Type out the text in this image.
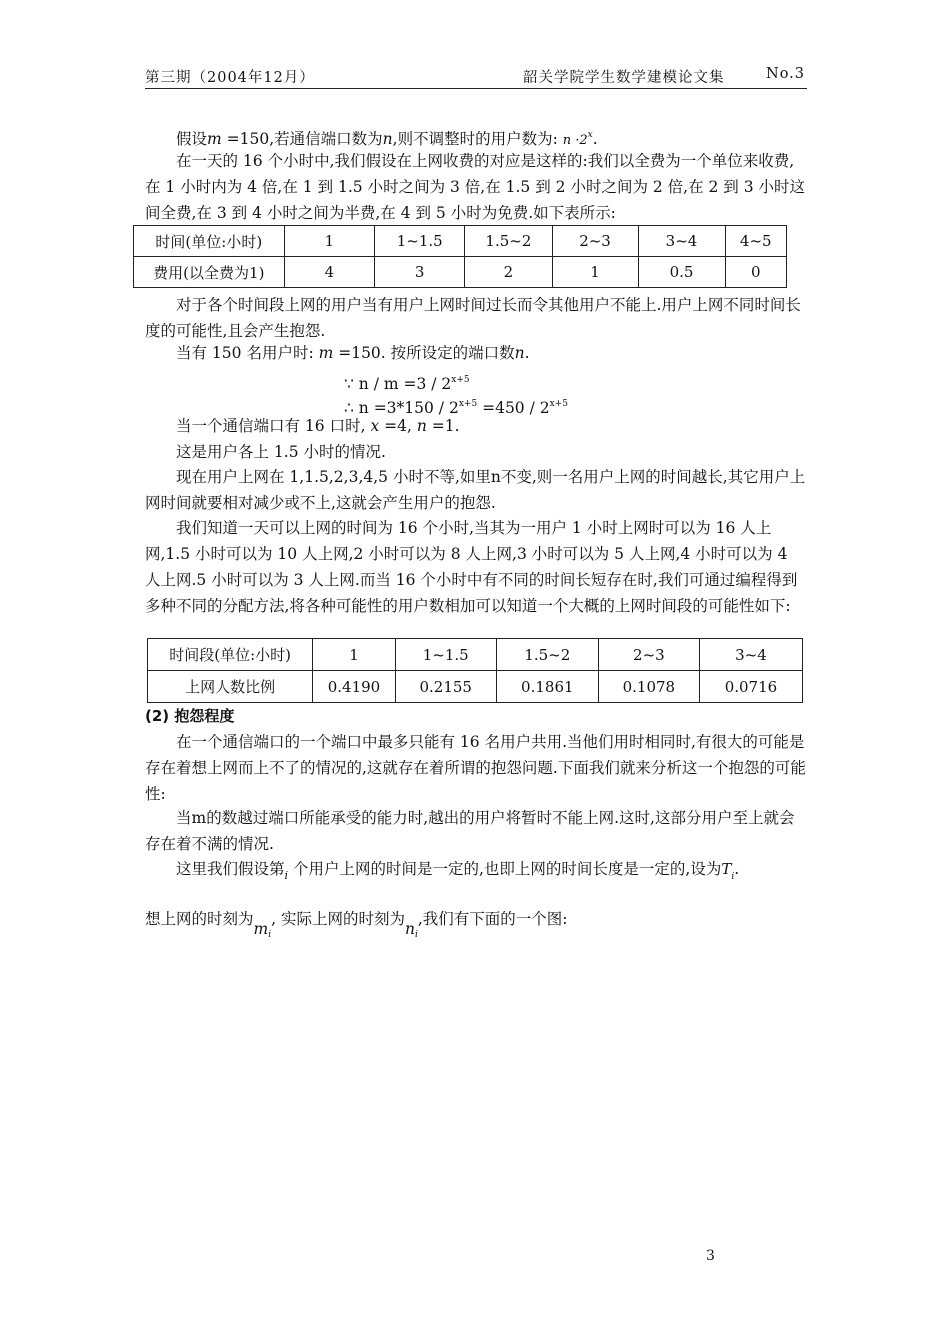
第三期（2004年12月）	韶关学院学生数学建模论文集	No.3

假设m =150,若通信端口数为n,则不调整时的用户数为: $n \cdot 2^x$.

在一天的 16 个小时中,我们假设在上网收费的对应是这样的:我们以全费为一个单位来收费,在 1 小时内为 4 倍,在 1 到 1.5 小时之间为 3 倍,在 1.5 到 2 小时之间为 2 倍,在 2 到 3 小时这间全费,在 3 到 4 小时之间为半费,在 4 到 5 小时为免费.如下表所示:

时间(单位:小时)	1	1~1.5	1.5~2	2~3	3~4	4~5
费用(以全费为1)	4	3	2	1	0.5	0

对于各个时间段上网的用户当有用户上网时间过长而令其他用户不能上.用户上网不同时间长度的可能性,且会产生抱怨.

当有 150 名用户时: m =150. 按所设定的端口数n.

∵ $n / m =3 / 2^{x+5}$
∴ $n =3*150 / 2^{x+5} =450 / 2^{x+5}$

当一个通信端口有 16 口时, x =4, n =1.

这是用户各上 1.5 小时的情况.

现在用户上网在 1,1.5,2,3,4,5 小时不等,如里n不变,则一名用户上网的时间越长,其它用户上网时间就要相对减少或不上,这就会产生用户的抱怨.

我们知道一天可以上网的时间为 16 个小时,当其为一用户 1 小时上网时可以为 16 人上网,1.5 小时可以为 10 人上网,2 小时可以为 8 人上网,3 小时可以为 5 人上网,4 小时可以为 4 人上网.5 小时可以为 3 人上网.而当 16 个小时中有不同的时间长短存在时,我们可通过编程得到多种不同的分配方法,将各种可能性的用户数相加可以知道一个大概的上网时间段的可能性如下:

时间段(单位:小时)	1	1~1.5	1.5~2	2~3	3~4
上网人数比例	0.4190	0.2155	0.1861	0.1078	0.0716
(2) 抱怨程度

在一个通信端口的一个端口中最多只能有 16 名用户共用.当他们用时相同时,有很大的可能是存在着想上网而上不了的情况的,这就存在着所谓的抱怨问题.下面我们就来分析这一个抱怨的可能性:

当m的数越过端口所能承受的能力时,越出的用户将暂时不能上网.这时,这部分用户至上就会存在着不满的情况.

这里我们假设第$_i$ 个用户上网的时间是一定的,也即上网的时间长度是一定的,设为$T_i$.

想上网的时刻为$m_i$, 实际上网的时刻为$n_i$,我们有下面的一个图:

3
